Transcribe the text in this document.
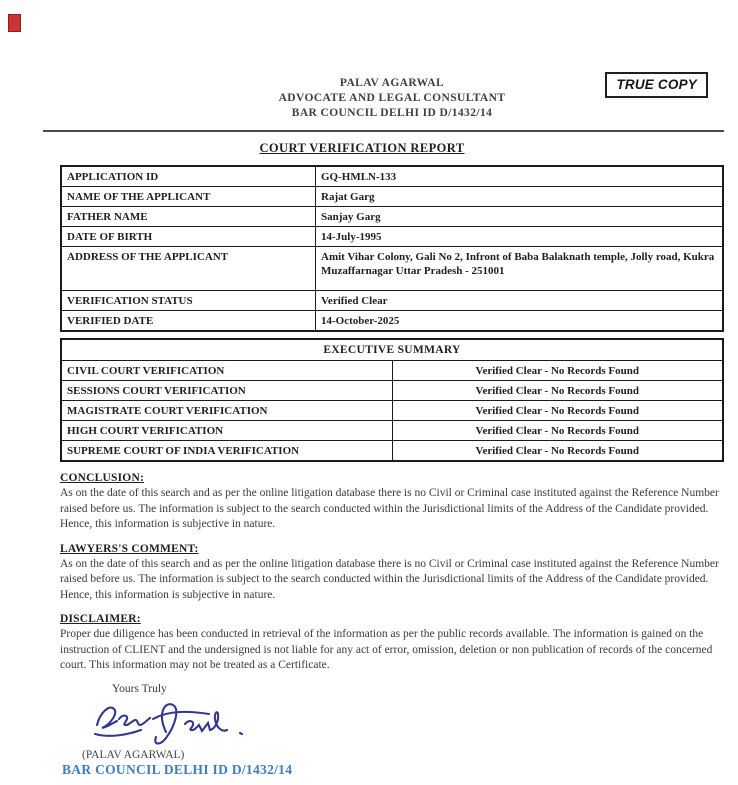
TRUE COPY
PALAV AGARWAL
ADVOCATE AND LEGAL CONSULTANT
BAR COUNCIL DELHI ID D/1432/14
COURT VERIFICATION REPORT
APPLICATION ID	GQ-HMLN-133
NAME OF THE APPLICANT	Rajat Garg
FATHER NAME	Sanjay Garg
DATE OF BIRTH	14-July-1995
ADDRESS OF THE APPLICANT	Amit Vihar Colony, Gali No 2, Infront of Baba Balaknath temple, Jolly road, Kukra Muzaffarnagar Uttar Pradesh - 251001
VERIFICATION STATUS	Verified Clear
VERIFIED DATE	14-October-2025
EXECUTIVE SUMMARY	
CIVIL COURT VERIFICATION	Verified Clear - No Records Found
SESSIONS COURT VERIFICATION	Verified Clear - No Records Found
MAGISTRATE COURT VERIFICATION	Verified Clear - No Records Found
HIGH COURT VERIFICATION	Verified Clear - No Records Found
SUPREME COURT OF INDIA VERIFICATION	Verified Clear - No Records Found
CONCLUSION:

As on the date of this search and as per the online litigation database there is no Civil or Criminal case instituted against the Reference Number raised before us. The information is subject to the search conducted within the Jurisdictional limits of the Address of the Candidate provided. Hence, this information is subjective in nature.

LAWYERS'S COMMENT:

As on the date of this search and as per the online litigation database there is no Civil or Criminal case instituted against the Reference Number raised before us. The information is subject to the search conducted within the Jurisdictional limits of the Address of the Candidate provided. Hence, this information is subjective in nature.

DISCLAIMER:

Proper due diligence has been conducted in retrieval of the information as per the public records available. The information is gained on the instruction of CLIENT and the undersigned is not liable for any act of error, omission, deletion or non publication of records of the concerned court. This information may not be treated as a Certificate.

Yours Truly
(PALAV AGARWAL)
BAR COUNCIL DELHI ID D/1432/14
